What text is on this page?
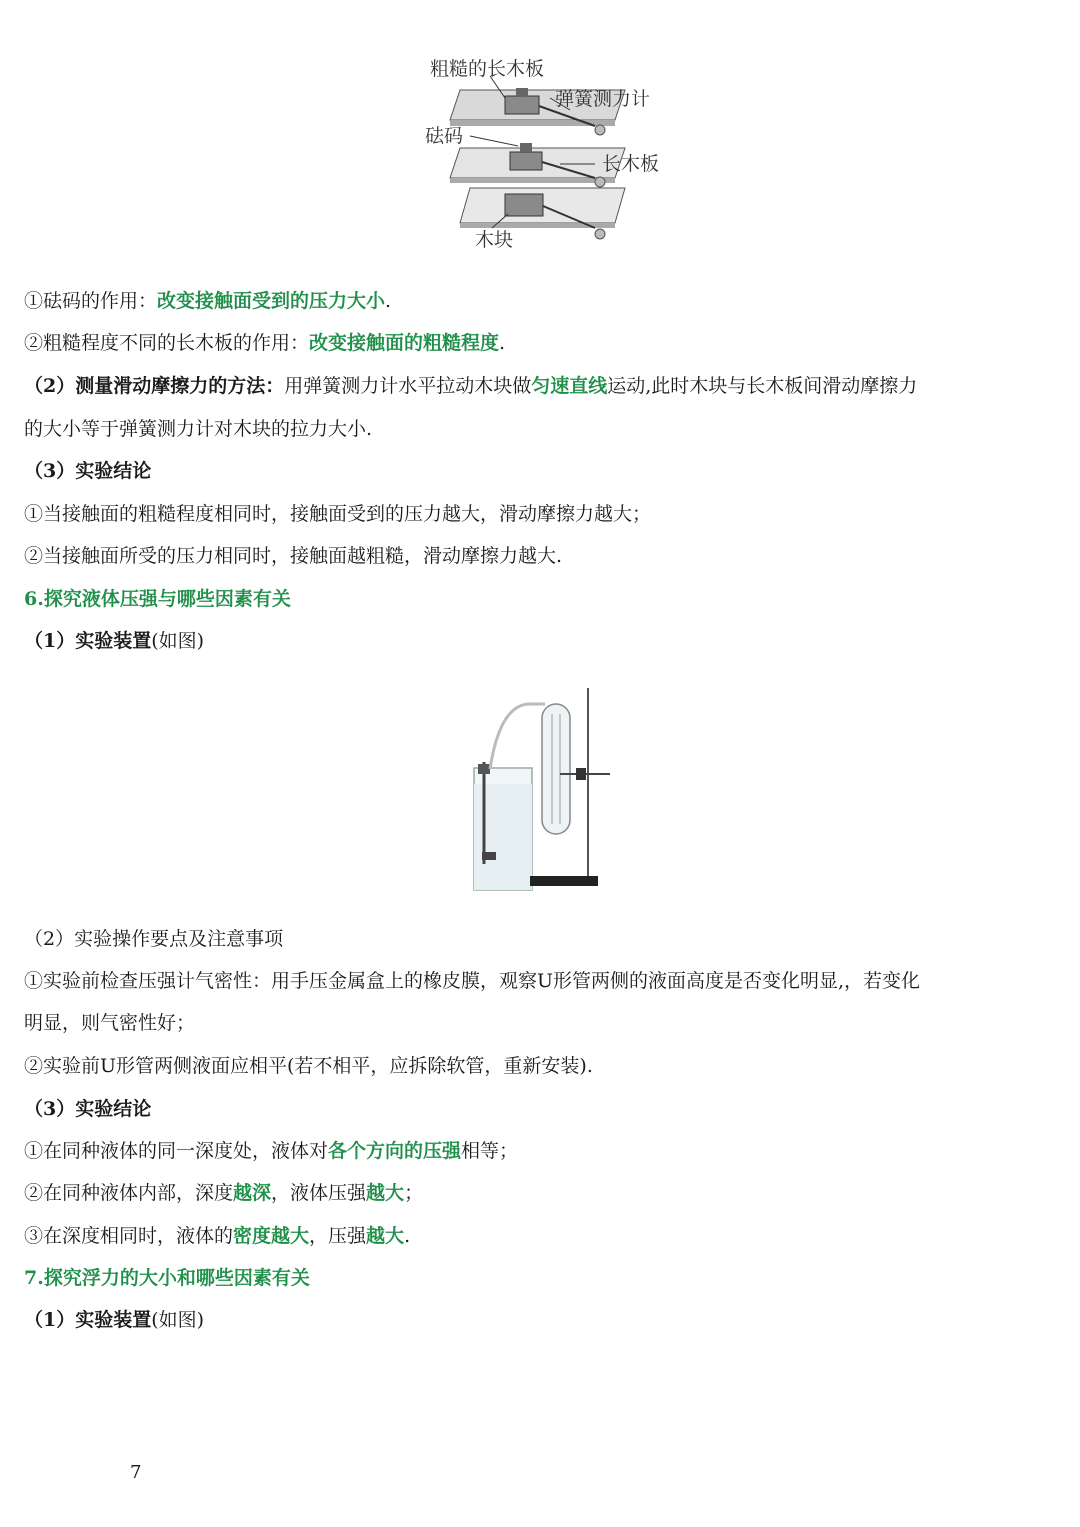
粗糙的长木板
弹簧测力计
砝码
长木板
木块
①砝码的作用：改变接触面受到的压力大小.
②粗糙程度不同的长木板的作用：改变接触面的粗糙程度.
（2）测量滑动摩擦力的方法：用弹簧测力计水平拉动木块做匀速直线运动,此时木块与长木板间滑动摩擦力
的大小等于弹簧测力计对木块的拉力大小.
（3）实验结论
①当接触面的粗糙程度相同时，接触面受到的压力越大，滑动摩擦力越大；
②当接触面所受的压力相同时，接触面越粗糙，滑动摩擦力越大.
6.探究液体压强与哪些因素有关
（1）实验装置(如图)
（2）实验操作要点及注意事项
①实验前检查压强计气密性：用手压金属盒上的橡皮膜，观察U形管两侧的液面高度是否变化明显,，若变化
明显，则气密性好；
②实验前U形管两侧液面应相平(若不相平，应拆除软管，重新安装).
（3）实验结论
①在同种液体的同一深度处，液体对各个方向的压强相等；
②在同种液体内部，深度越深，液体压强越大；
③在深度相同时，液体的密度越大，压强越大.
7.探究浮力的大小和哪些因素有关
（1）实验装置(如图)
7
